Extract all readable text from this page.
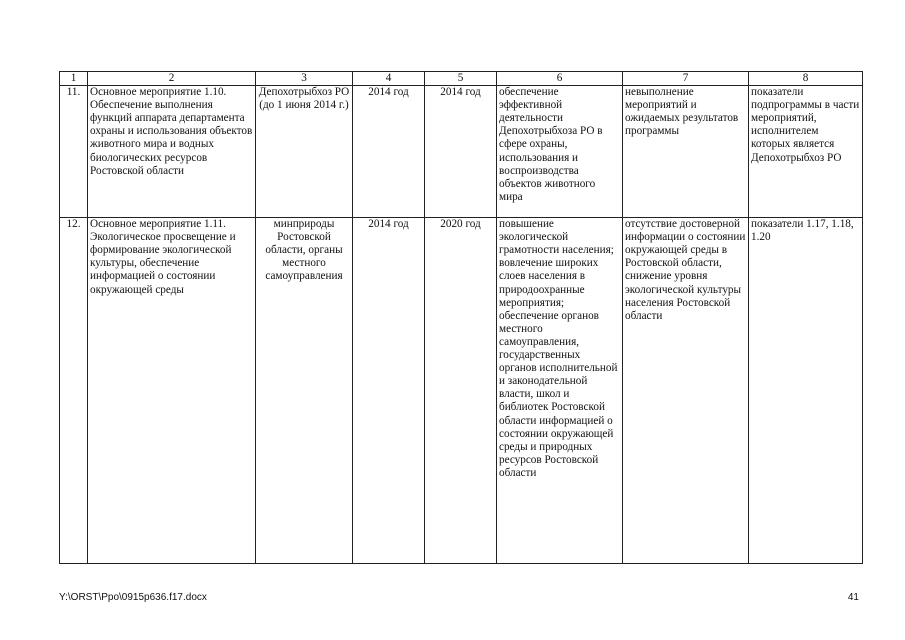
1	2	3	4	5	6	7	8
11.	Основное мероприятие 1.10. Обеспечение выполнения функций аппарата департамента охраны и использования объектов животного мира и водных биологических ресурсов Ростовской области	Депохотрыбхоз РО (до 1 июня 2014 г.)	2014 год	2014 год	обеспечение эффективной деятельности Депохотрыбхоза РО в сфере охраны, использования и воспроизводства объектов животного мира	невыполнение мероприятий и ожидаемых результатов программы	показатели подпрограммы в части мероприятий, исполнителем которых является Депохотрыбхоз РО
12.	Основное мероприятие 1.11. Экологическое просвещение и формирование экологической культуры, обеспечение информацией о состоянии окружающей среды	минприроды Ростовской области, органы местного самоуправления	2014 год	2020 год	повышение экологической грамотности населения; вовлечение широких слоев населения в природоохранные мероприятия; обеспечение органов местного самоуправления, государственных органов исполнительной и законодательной власти, школ и библиотек Ростовской области информацией о состоянии окружающей среды и природных ресурсов Ростовской области	отсутствие достоверной информации о состоянии окружающей среды в Ростовской области, снижение уровня экологической культуры населения Ростовской области	показатели 1.17, 1.18, 1.20
Y:\ORST\Ppo\0915p636.f17.docx	41
